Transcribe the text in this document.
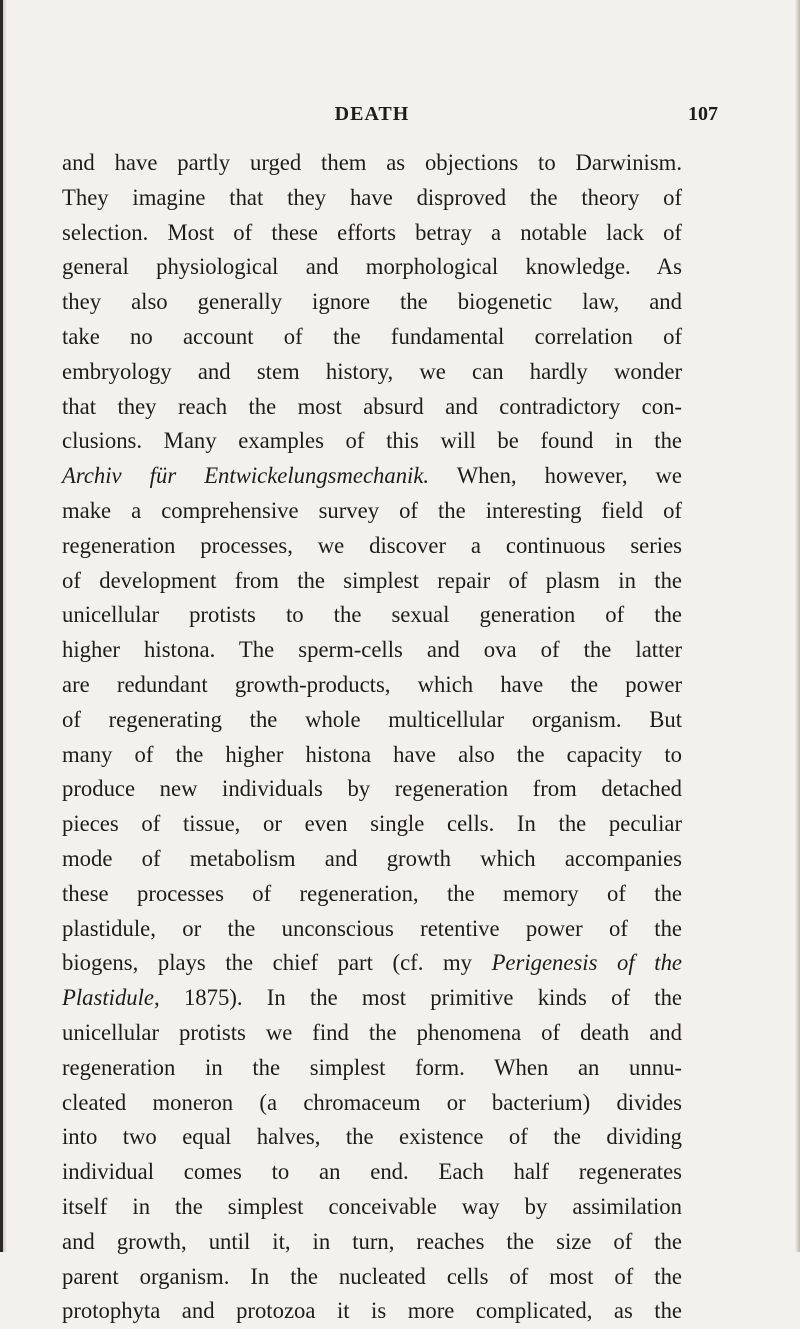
DEATH	107
and have partly urged them as objections to Darwinism.
They imagine that they have disproved the theory of
selection. Most of these efforts betray a notable lack of
general physiological and morphological knowledge. As
they also generally ignore the biogenetic law, and
take no account of the fundamental correlation of
embryology and stem history, we can hardly wonder
that they reach the most absurd and contradictory con-
clusions. Many examples of this will be found in the
Archiv für Entwickelungsmechanik. When, however, we
make a comprehensive survey of the interesting field of
regeneration processes, we discover a continuous series
of development from the simplest repair of plasm in the
unicellular protists to the sexual generation of the
higher histona. The sperm-cells and ova of the latter
are redundant growth-products, which have the power
of regenerating the whole multicellular organism. But
many of the higher histona have also the capacity to
produce new individuals by regeneration from detached
pieces of tissue, or even single cells. In the peculiar
mode of metabolism and growth which accompanies
these processes of regeneration, the memory of the
plastidule, or the unconscious retentive power of the
biogens, plays the chief part (cf. my Perigenesis of the
Plastidule, 1875). In the most primitive kinds of the
unicellular protists we find the phenomena of death and
regeneration in the simplest form. When an unnu-
cleated moneron (a chromaceum or bacterium) divides
into two equal halves, the existence of the dividing
individual comes to an end. Each half regenerates
itself in the simplest conceivable way by assimilation
and growth, until it, in turn, reaches the size of the
parent organism. In the nucleated cells of most of the
protophyta and protozoa it is more complicated, as the
